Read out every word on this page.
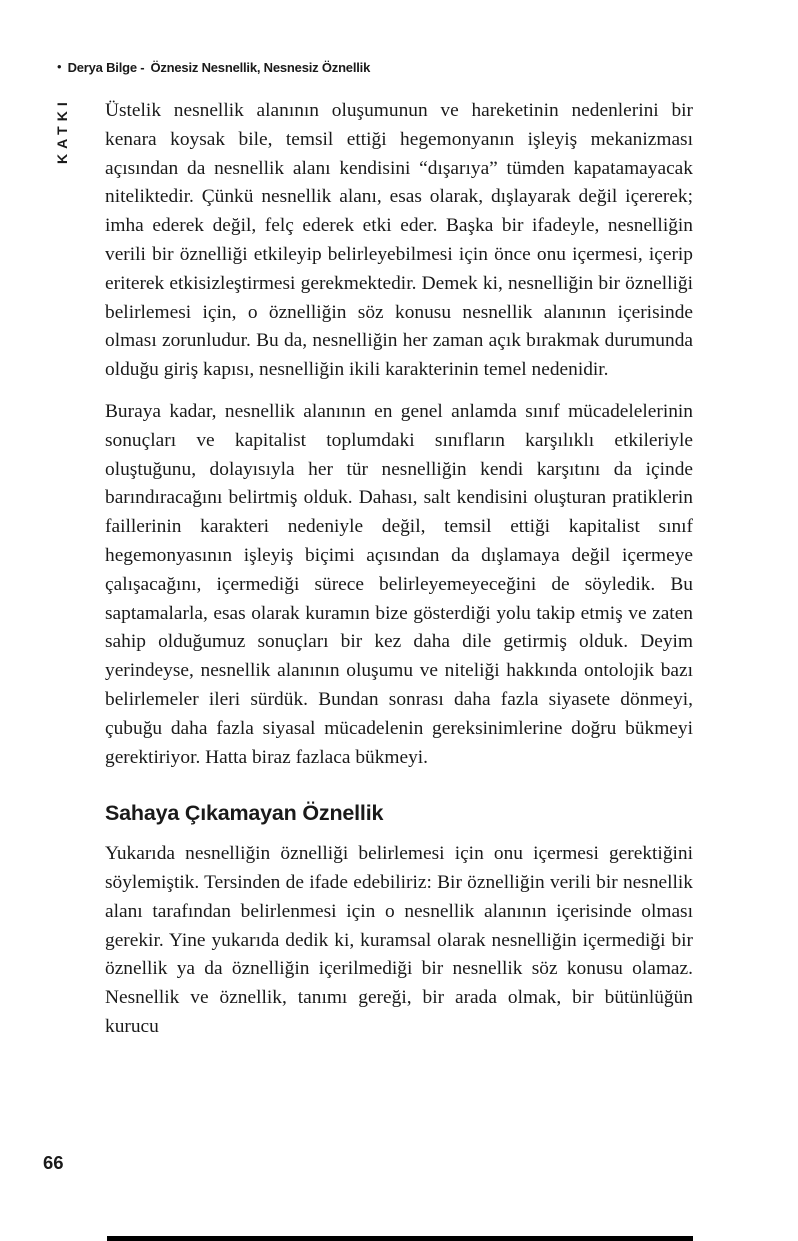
• Derya Bilge - Öznesiz Nesnellik, Nesnesiz Öznellik
KATKI Üstelik nesnellik alanının oluşumunun ve hareketinin nedenlerini bir kenara koysak bile, temsil ettiği hegemonyanın işleyiş mekanizması açısından da nesnellik alanı kendisini “dışarıya” tümden kapatamayacak niteliktedir. Çünkü nesnellik alanı, esas olarak, dışlayarak değil içererek; imha ederek değil, felç ederek etki eder. Başka bir ifadeyle, nesnelliğin verili bir öznelliği etkileyip belirleyebilmesi için önce onu içermesi, içerip eriterek etkisizleştirmesi gerekmektedir. Demek ki, nesnelliğin bir öznelliği belirlemesi için, o öznelliğin söz konusu nesnellik alanının içerisinde olması zorunludur. Bu da, nesnelliğin her zaman açık bırakmak durumunda olduğu giriş kapısı, nesnelliğin ikili karakterinin temel nedenidir.

Buraya kadar, nesnellik alanının en genel anlamda sınıf mücadelelerinin sonuçları ve kapitalist toplumdaki sınıfların karşılıklı etkileriyle oluştuğunu, dolayısıyla her tür nesnelliğin kendi karşıtını da içinde barındıracağını belirtmiş olduk. Dahası, salt kendisini oluşturan pratiklerin faillerinin karakteri nedeniyle değil, temsil ettiği kapitalist sınıf hegemonyasının işleyiş biçimi açısından da dışlamaya değil içermeye çalışacağını, içermediği sürece belirleyemeyeceğini de söyledik. Bu saptamalarla, esas olarak kuramın bize gösterdiği yolu takip etmiş ve zaten sahip olduğumuz sonuçları bir kez daha dile getirmiş olduk. Deyim yerindeyse, nesnellik alanının oluşumu ve niteliği hakkında ontolojik bazı belirlemeler ileri sürdük. Bundan sonrası daha fazla siyasete dönmeyi, çubuğu daha fazla siyasal mücadelenin gereksinimlerine doğru bükmeyi gerektiriyor. Hatta biraz fazlaca bükmeyi.

Sahaya Çıkamayan Öznellik

Yukarıda nesnelliğin öznelliği belirlemesi için onu içermesi gerektiğini söylemiştik. Tersinden de ifade edebiliriz: Bir öznelliğin verili bir nesnellik alanı tarafından belirlenmesi için o nesnellik alanının içerisinde olması gerekir. Yine yukarıda dedik ki, kuramsal olarak nesnelliğin içermediği bir öznellik ya da öznelliğin içerilmediği bir nesnellik söz konusu olamaz. Nesnellik ve öznellik, tanımı gereği, bir arada olmak, bir bütünlüğün kurucu

66
